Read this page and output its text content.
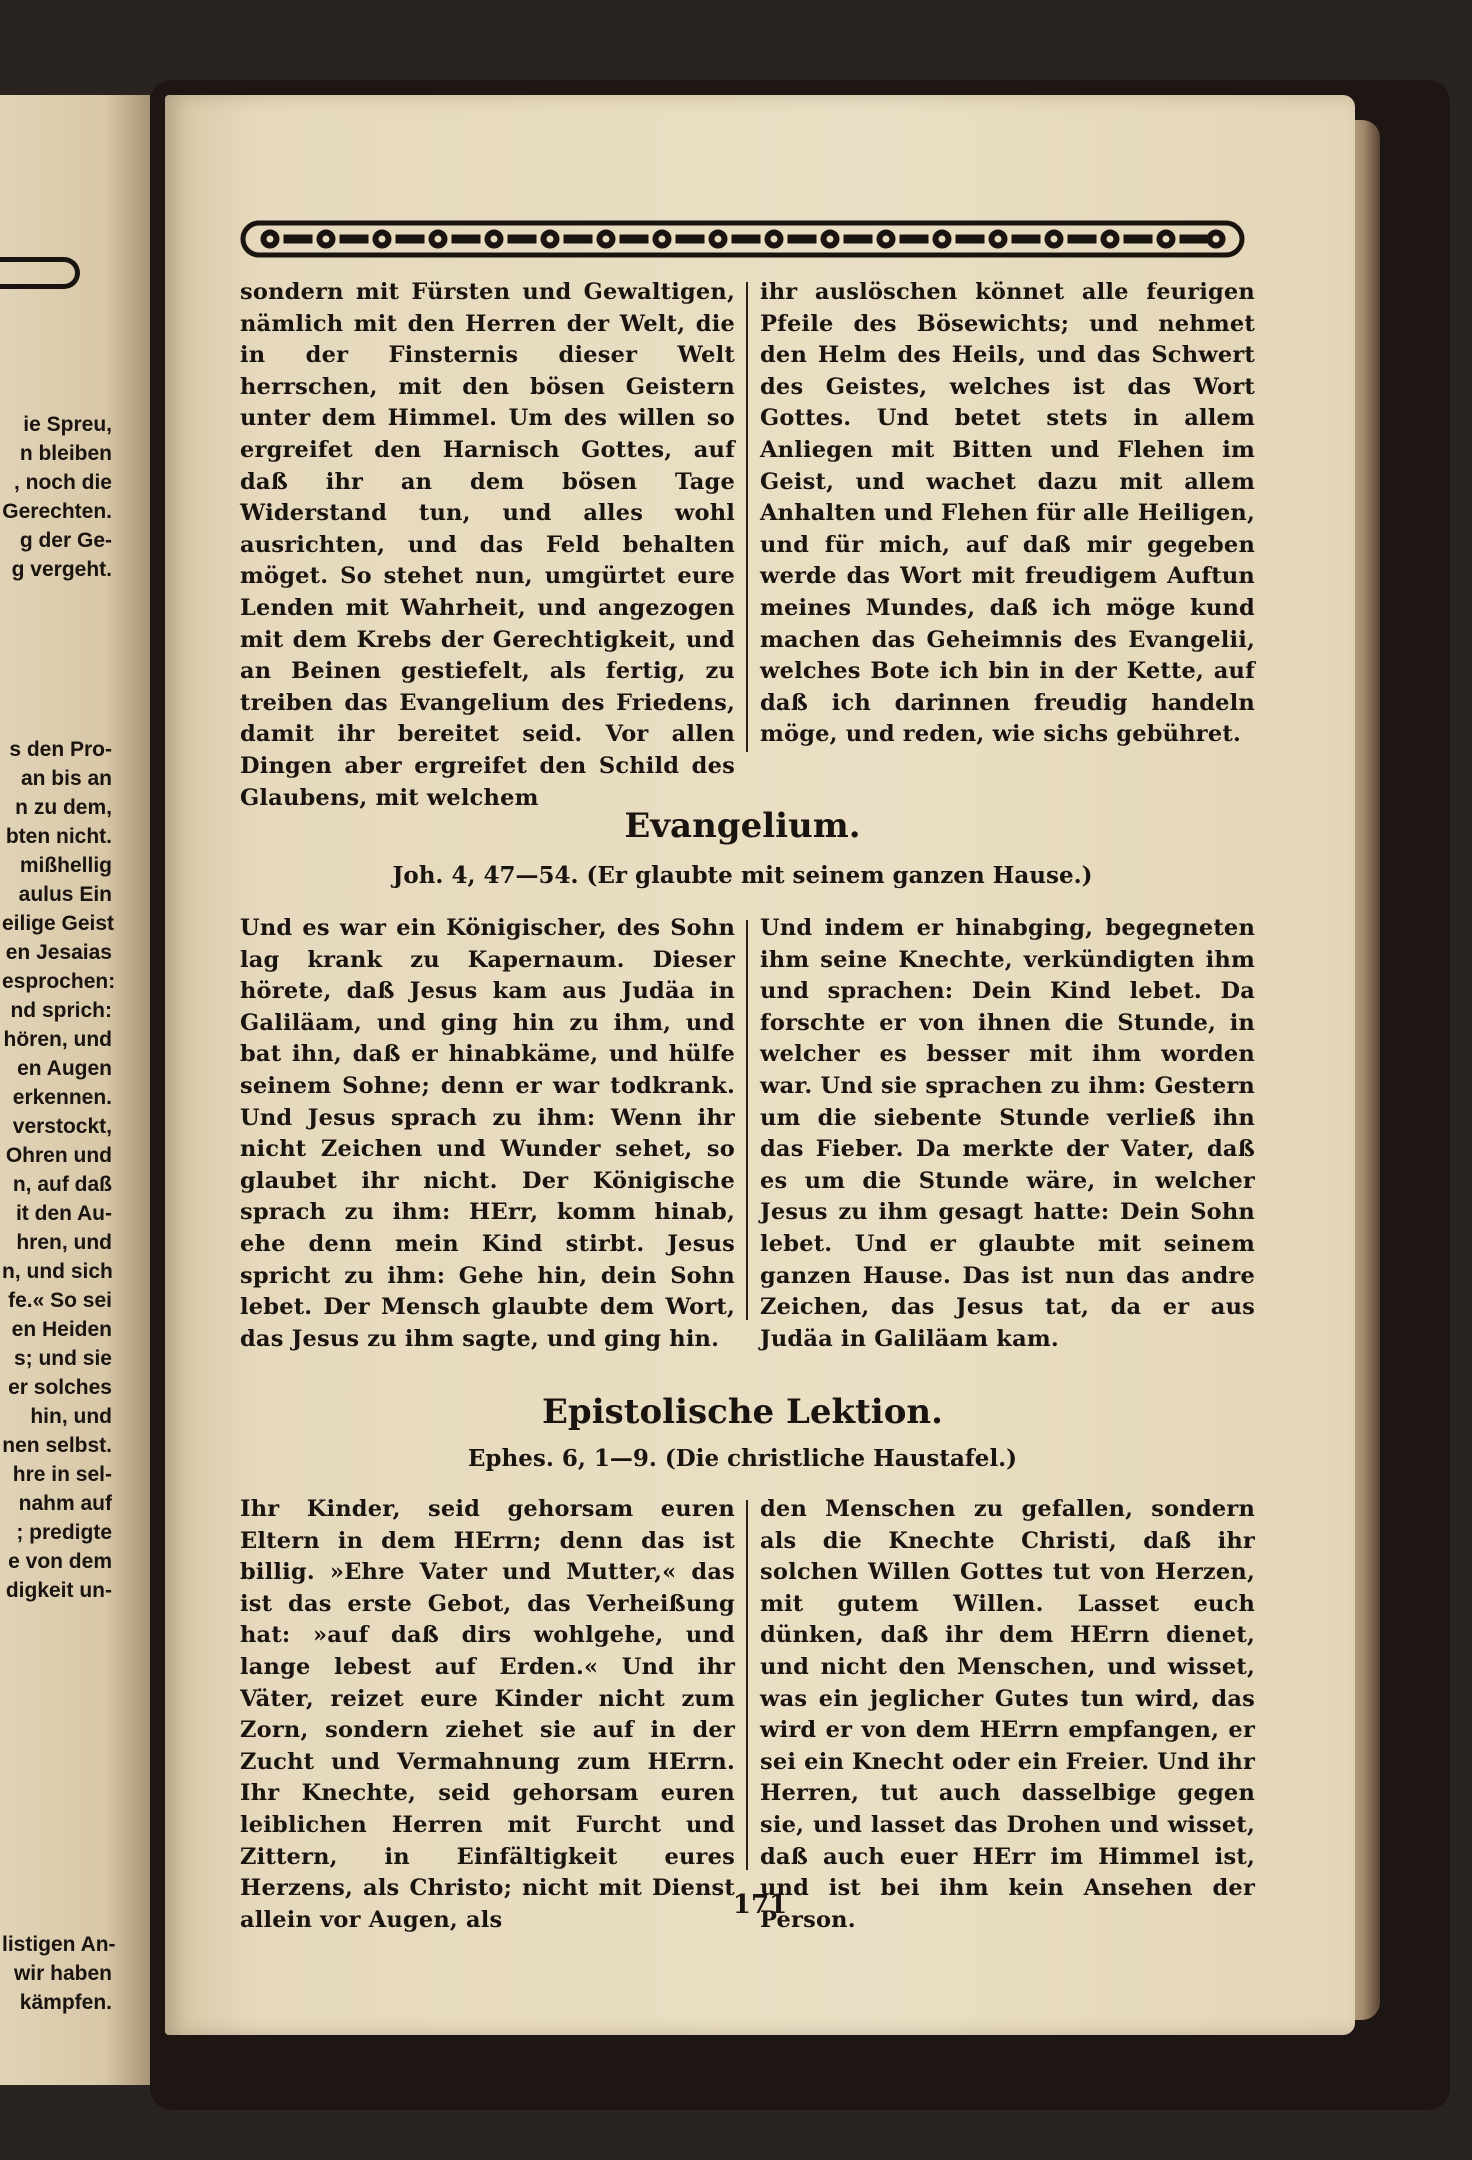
ie Spreu,
n bleiben
, noch die
Gerechten.
g der Ge-
g vergeht.
s den Pro-
an bis an
n zu dem,
bten nicht.
mißhellig
aulus Ein
eilige Geist
en Jesaias
esprochen:
nd sprich:
hören, und
en Augen
erkennen.
verstockt,
Ohren und
n, auf daß
it den Au-
hren, und
n, und sich
fe.« So sei
en Heiden
s; und sie
er solches
hin, und
nen selbst.
hre in sel-
nahm auf
; predigte
e von dem
digkeit un-
listigen An-
wir haben
kämpfen.

sondern mit Fürsten und Gewaltigen, nämlich mit den Herren der Welt, die in der Finsternis dieser Welt herrschen, mit den bösen Geistern unter dem Himmel. Um des willen so ergreifet den Harnisch Gottes, auf daß ihr an dem bösen Tage Widerstand tun, und alles wohl ausrichten, und das Feld behalten möget. So stehet nun, umgürtet eure Lenden mit Wahrheit, und angezogen mit dem Krebs der Gerechtigkeit, und an Beinen gestiefelt, als fertig, zu treiben das Evangelium des Friedens, damit ihr bereitet seid. Vor allen Dingen aber ergreifet den Schild des Glaubens, mit welchem

ihr auslöschen könnet alle feurigen Pfeile des Bösewichts; und nehmet den Helm des Heils, und das Schwert des Geistes, welches ist das Wort Gottes. Und betet stets in allem Anliegen mit Bitten und Flehen im Geist, und wachet dazu mit allem Anhalten und Flehen für alle Heiligen, und für mich, auf daß mir gegeben werde das Wort mit freudigem Auftun meines Mundes, daß ich möge kund machen das Geheimnis des Evangelii, welches Bote ich bin in der Kette, auf daß ich darinnen freudig handeln möge, und reden, wie sichs gebühret.

Evangelium.
Joh. 4, 47—54. (Er glaubte mit seinem ganzen Hause.)

Und es war ein Königischer, des Sohn lag krank zu Kapernaum. Dieser hörete, daß Jesus kam aus Judäa in Galiläam, und ging hin zu ihm, und bat ihn, daß er hinabkäme, und hülfe seinem Sohne; denn er war todkrank. Und Jesus sprach zu ihm: Wenn ihr nicht Zeichen und Wunder sehet, so glaubet ihr nicht. Der Königische sprach zu ihm: HErr, komm hinab, ehe denn mein Kind stirbt. Jesus spricht zu ihm: Gehe hin, dein Sohn lebet. Der Mensch glaubte dem Wort, das Jesus zu ihm sagte, und ging hin.

Und indem er hinabging, begegneten ihm seine Knechte, verkündigten ihm und sprachen: Dein Kind lebet. Da forschte er von ihnen die Stunde, in welcher es besser mit ihm worden war. Und sie sprachen zu ihm: Gestern um die siebente Stunde verließ ihn das Fieber. Da merkte der Vater, daß es um die Stunde wäre, in welcher Jesus zu ihm gesagt hatte: Dein Sohn lebet. Und er glaubte mit seinem ganzen Hause. Das ist nun das andre Zeichen, das Jesus tat, da er aus Judäa in Galiläam kam.

Epistolische Lektion.
Ephes. 6, 1—9. (Die christliche Haustafel.)

Ihr Kinder, seid gehorsam euren Eltern in dem HErrn; denn das ist billig. »Ehre Vater und Mutter,« das ist das erste Gebot, das Verheißung hat: »auf daß dirs wohlgehe, und lange lebest auf Erden.« Und ihr Väter, reizet eure Kinder nicht zum Zorn, sondern ziehet sie auf in der Zucht und Vermahnung zum HErrn. Ihr Knechte, seid gehorsam euren leiblichen Herren mit Furcht und Zittern, in Einfältigkeit eures Herzens, als Christo; nicht mit Dienst allein vor Augen, als

den Menschen zu gefallen, sondern als die Knechte Christi, daß ihr solchen Willen Gottes tut von Herzen, mit gutem Willen. Lasset euch dünken, daß ihr dem HErrn dienet, und nicht den Menschen, und wisset, was ein jeglicher Gutes tun wird, das wird er von dem HErrn empfangen, er sei ein Knecht oder ein Freier. Und ihr Herren, tut auch dasselbige gegen sie, und lasset das Drohen und wisset, daß auch euer HErr im Himmel ist, und ist bei ihm kein Ansehen der Person.

171
